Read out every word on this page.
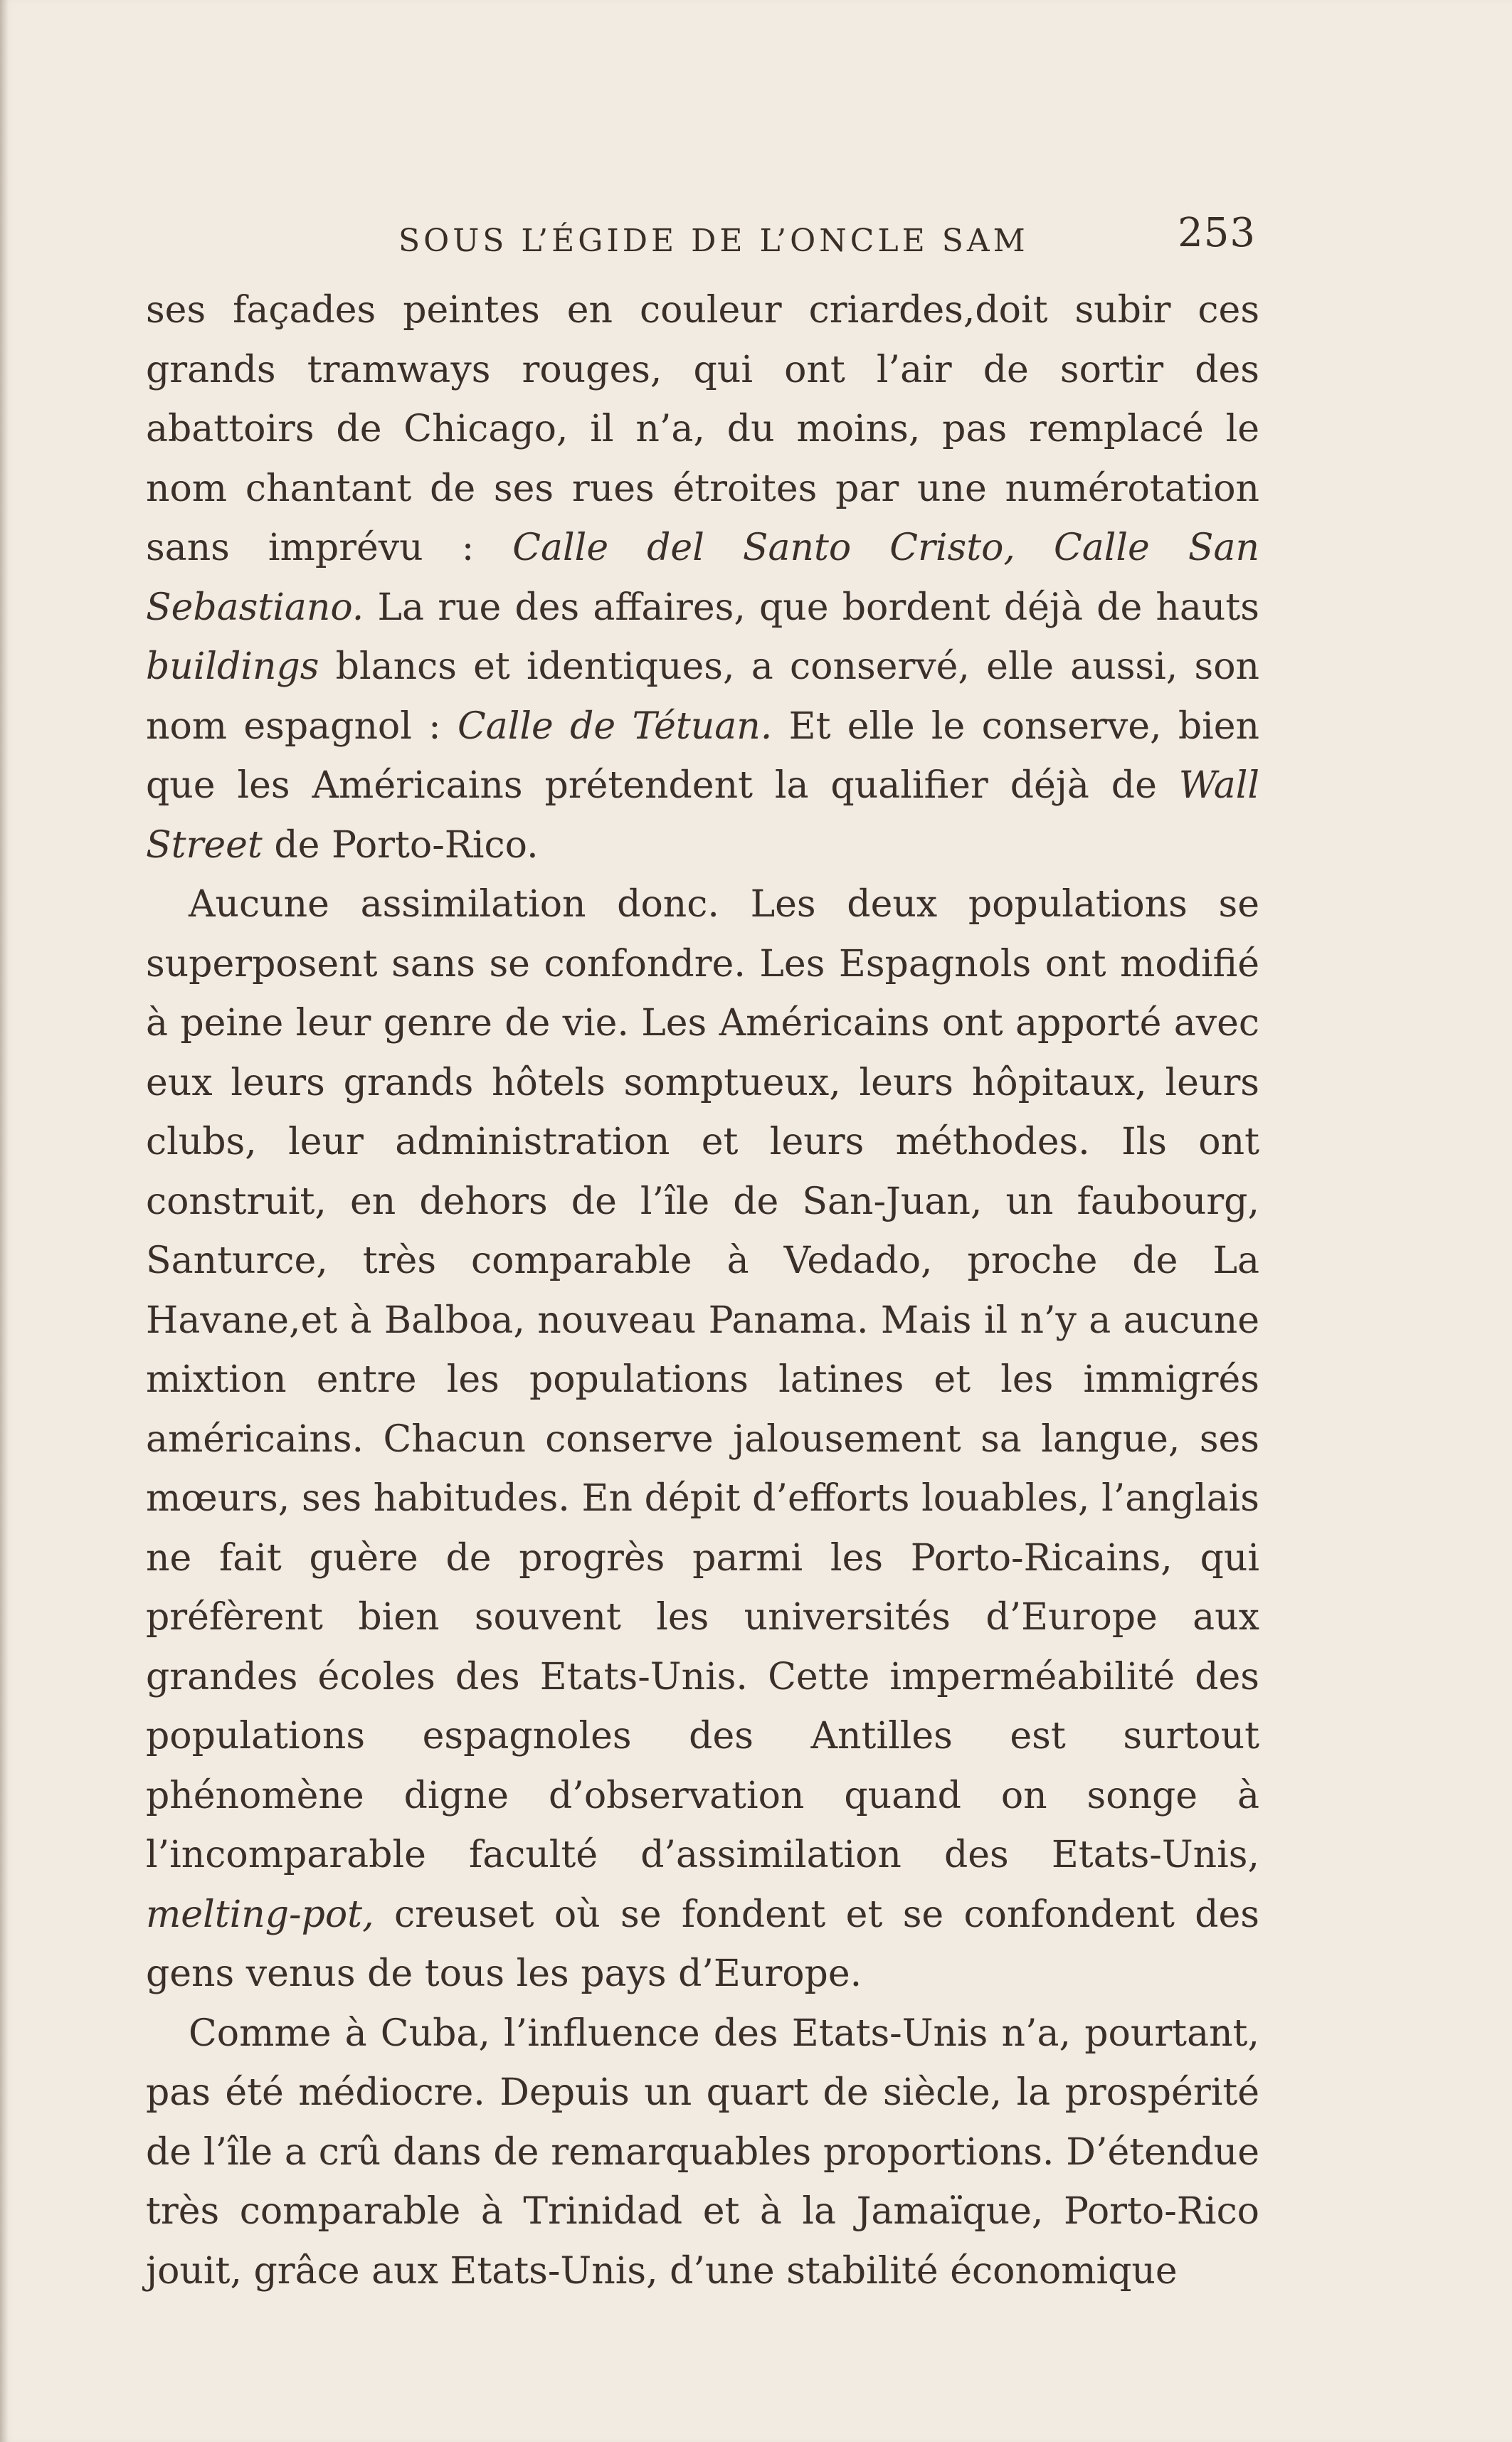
SOUS L’ÉGIDE DE L’ONCLE SAM	253

ses façades peintes en couleur criardes,doit subir ces grands tramways rouges, qui ont l’air de sortir des abattoirs de Chicago, il n’a, du moins, pas remplacé le nom chantant de ses rues étroites par une numérotation sans imprévu : Calle del Santo Cristo, Calle San Sebastiano. La rue des affaires, que bordent déjà de hauts buildings blancs et identiques, a conservé, elle aussi, son nom espagnol : Calle de Tétuan. Et elle le conserve, bien que les Américains prétendent la qualifier déjà de Wall Street de Porto-Rico.

Aucune assimilation donc. Les deux populations se superposent sans se confondre. Les Espagnols ont modifié à peine leur genre de vie. Les Américains ont apporté avec eux leurs grands hôtels somptueux, leurs hôpitaux, leurs clubs, leur administration et leurs méthodes. Ils ont construit, en dehors de l’île de San-Juan, un faubourg, Santurce, très comparable à Vedado, proche de La Havane,et à Balboa, nouveau Panama. Mais il n’y a aucune mixtion entre les populations latines et les immigrés américains. Chacun conserve jalousement sa langue, ses mœurs, ses habitudes. En dépit d’efforts louables, l’anglais ne fait guère de progrès parmi les Porto-Ricains, qui préfèrent bien souvent les universités d’Europe aux grandes écoles des Etats-Unis. Cette imperméabilité des populations espagnoles des Antilles est surtout phénomène digne d’observation quand on songe à l’incomparable faculté d’assimilation des Etats-Unis, melting-pot, creuset où se fondent et se confondent des gens venus de tous les pays d’Europe.

Comme à Cuba, l’influence des Etats-Unis n’a, pourtant, pas été médiocre. Depuis un quart de siècle, la prospérité de l’île a crû dans de remarquables proportions. D’étendue très comparable à Trinidad et à la Jamaïque, Porto-Rico jouit, grâce aux Etats-Unis, d’une stabilité économique
